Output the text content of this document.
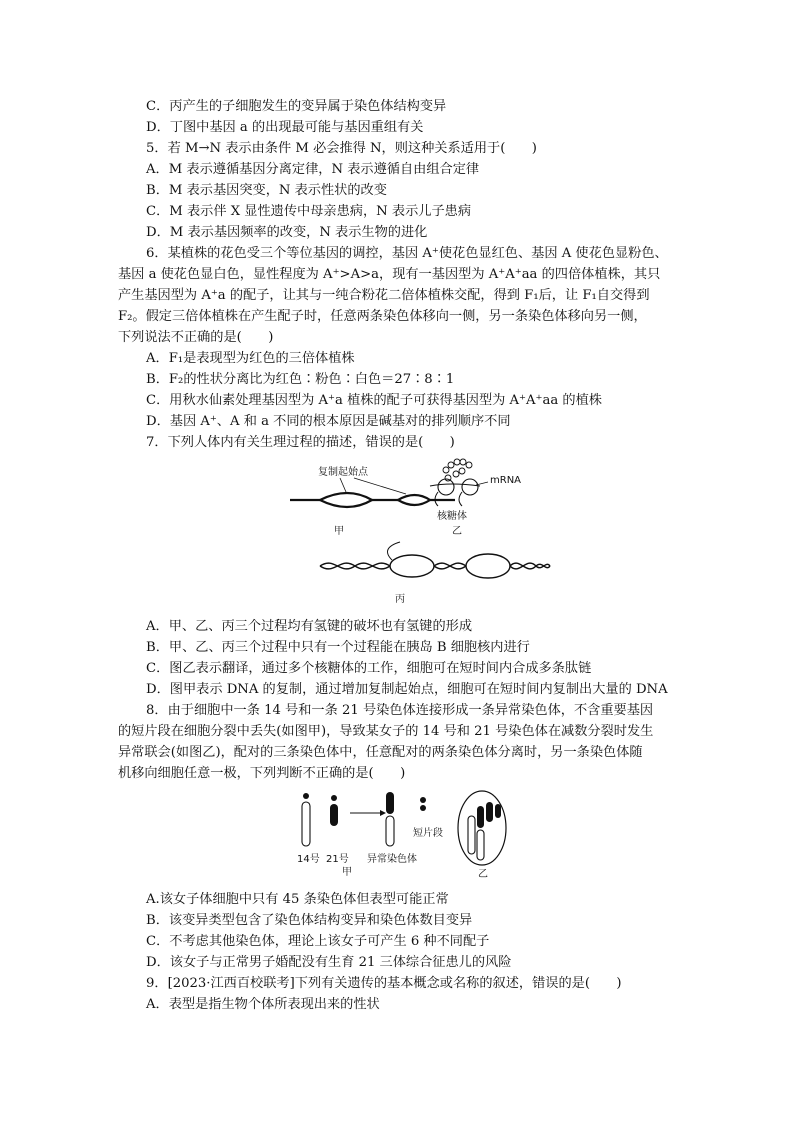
C．丙产生的子细胞发生的变异属于染色体结构变异
D．丁图中基因 a 的出现最可能与基因重组有关
5．若 M→N 表示由条件 M 必会推得 N，则这种关系适用于(　　)
A．M 表示遵循基因分离定律，N 表示遵循自由组合定律
B．M 表示基因突变，N 表示性状的改变
C．M 表示伴 X 显性遗传中母亲患病，N 表示儿子患病
D．M 表示基因频率的改变，N 表示生物的进化
6．某植株的花色受三个等位基因的调控，基因 A⁺使花色显红色、基因 A 使花色显粉色、
基因 a 使花色显白色，显性程度为 A⁺>A>a，现有一基因型为 A⁺A⁺aa 的四倍体植株，其只
产生基因型为 A⁺a 的配子，让其与一纯合粉花二倍体植株交配，得到 F₁后，让 F₁自交得到
F₂。假定三倍体植株在产生配子时，任意两条染色体移向一侧，另一条染色体移向另一侧，
下列说法不正确的是(　　)
A．F₁是表现型为红色的三倍体植株
B．F₂的性状分离比为红色∶粉色∶白色＝27∶8∶1
C．用秋水仙素处理基因型为 A⁺a 植株的配子可获得基因型为 A⁺A⁺aa 的植株
D．基因 A⁺、A 和 a 不同的根本原因是碱基对的排列顺序不同
7．下列人体内有关生理过程的描述，错误的是(　　)
复制起始点
mRNA
核糖体
甲	乙
丙
A．甲、乙、丙三个过程均有氢键的破坏也有氢键的形成
B．甲、乙、丙三个过程中只有一个过程能在胰岛 B 细胞核内进行
C．图乙表示翻译，通过多个核糖体的工作，细胞可在短时间内合成多条肽链
D．图甲表示 DNA 的复制，通过增加复制起始点，细胞可在短时间内复制出大量的 DNA
8．由于细胞中一条 14 号和一条 21 号染色体连接形成一条异常染色体，不含重要基因
的短片段在细胞分裂中丢失(如图甲)，导致某女子的 14 号和 21 号染色体在减数分裂时发生
异常联会(如图乙)，配对的三条染色体中，任意配对的两条染色体分离时，另一条染色体随
机移向细胞任意一极，下列判断不正确的是(　　)
14号 21号 异常染色体
短片段
甲	乙
A.该女子体细胞中只有 45 条染色体但表型可能正常
B．该变异类型包含了染色体结构变异和染色体数目变异
C．不考虑其他染色体，理论上该女子可产生 6 种不同配子
D．该女子与正常男子婚配没有生育 21 三体综合征患儿的风险
9．[2023·江西百校联考]下列有关遗传的基本概念或名称的叙述，错误的是(　　)
A．表型是指生物个体所表现出来的性状
